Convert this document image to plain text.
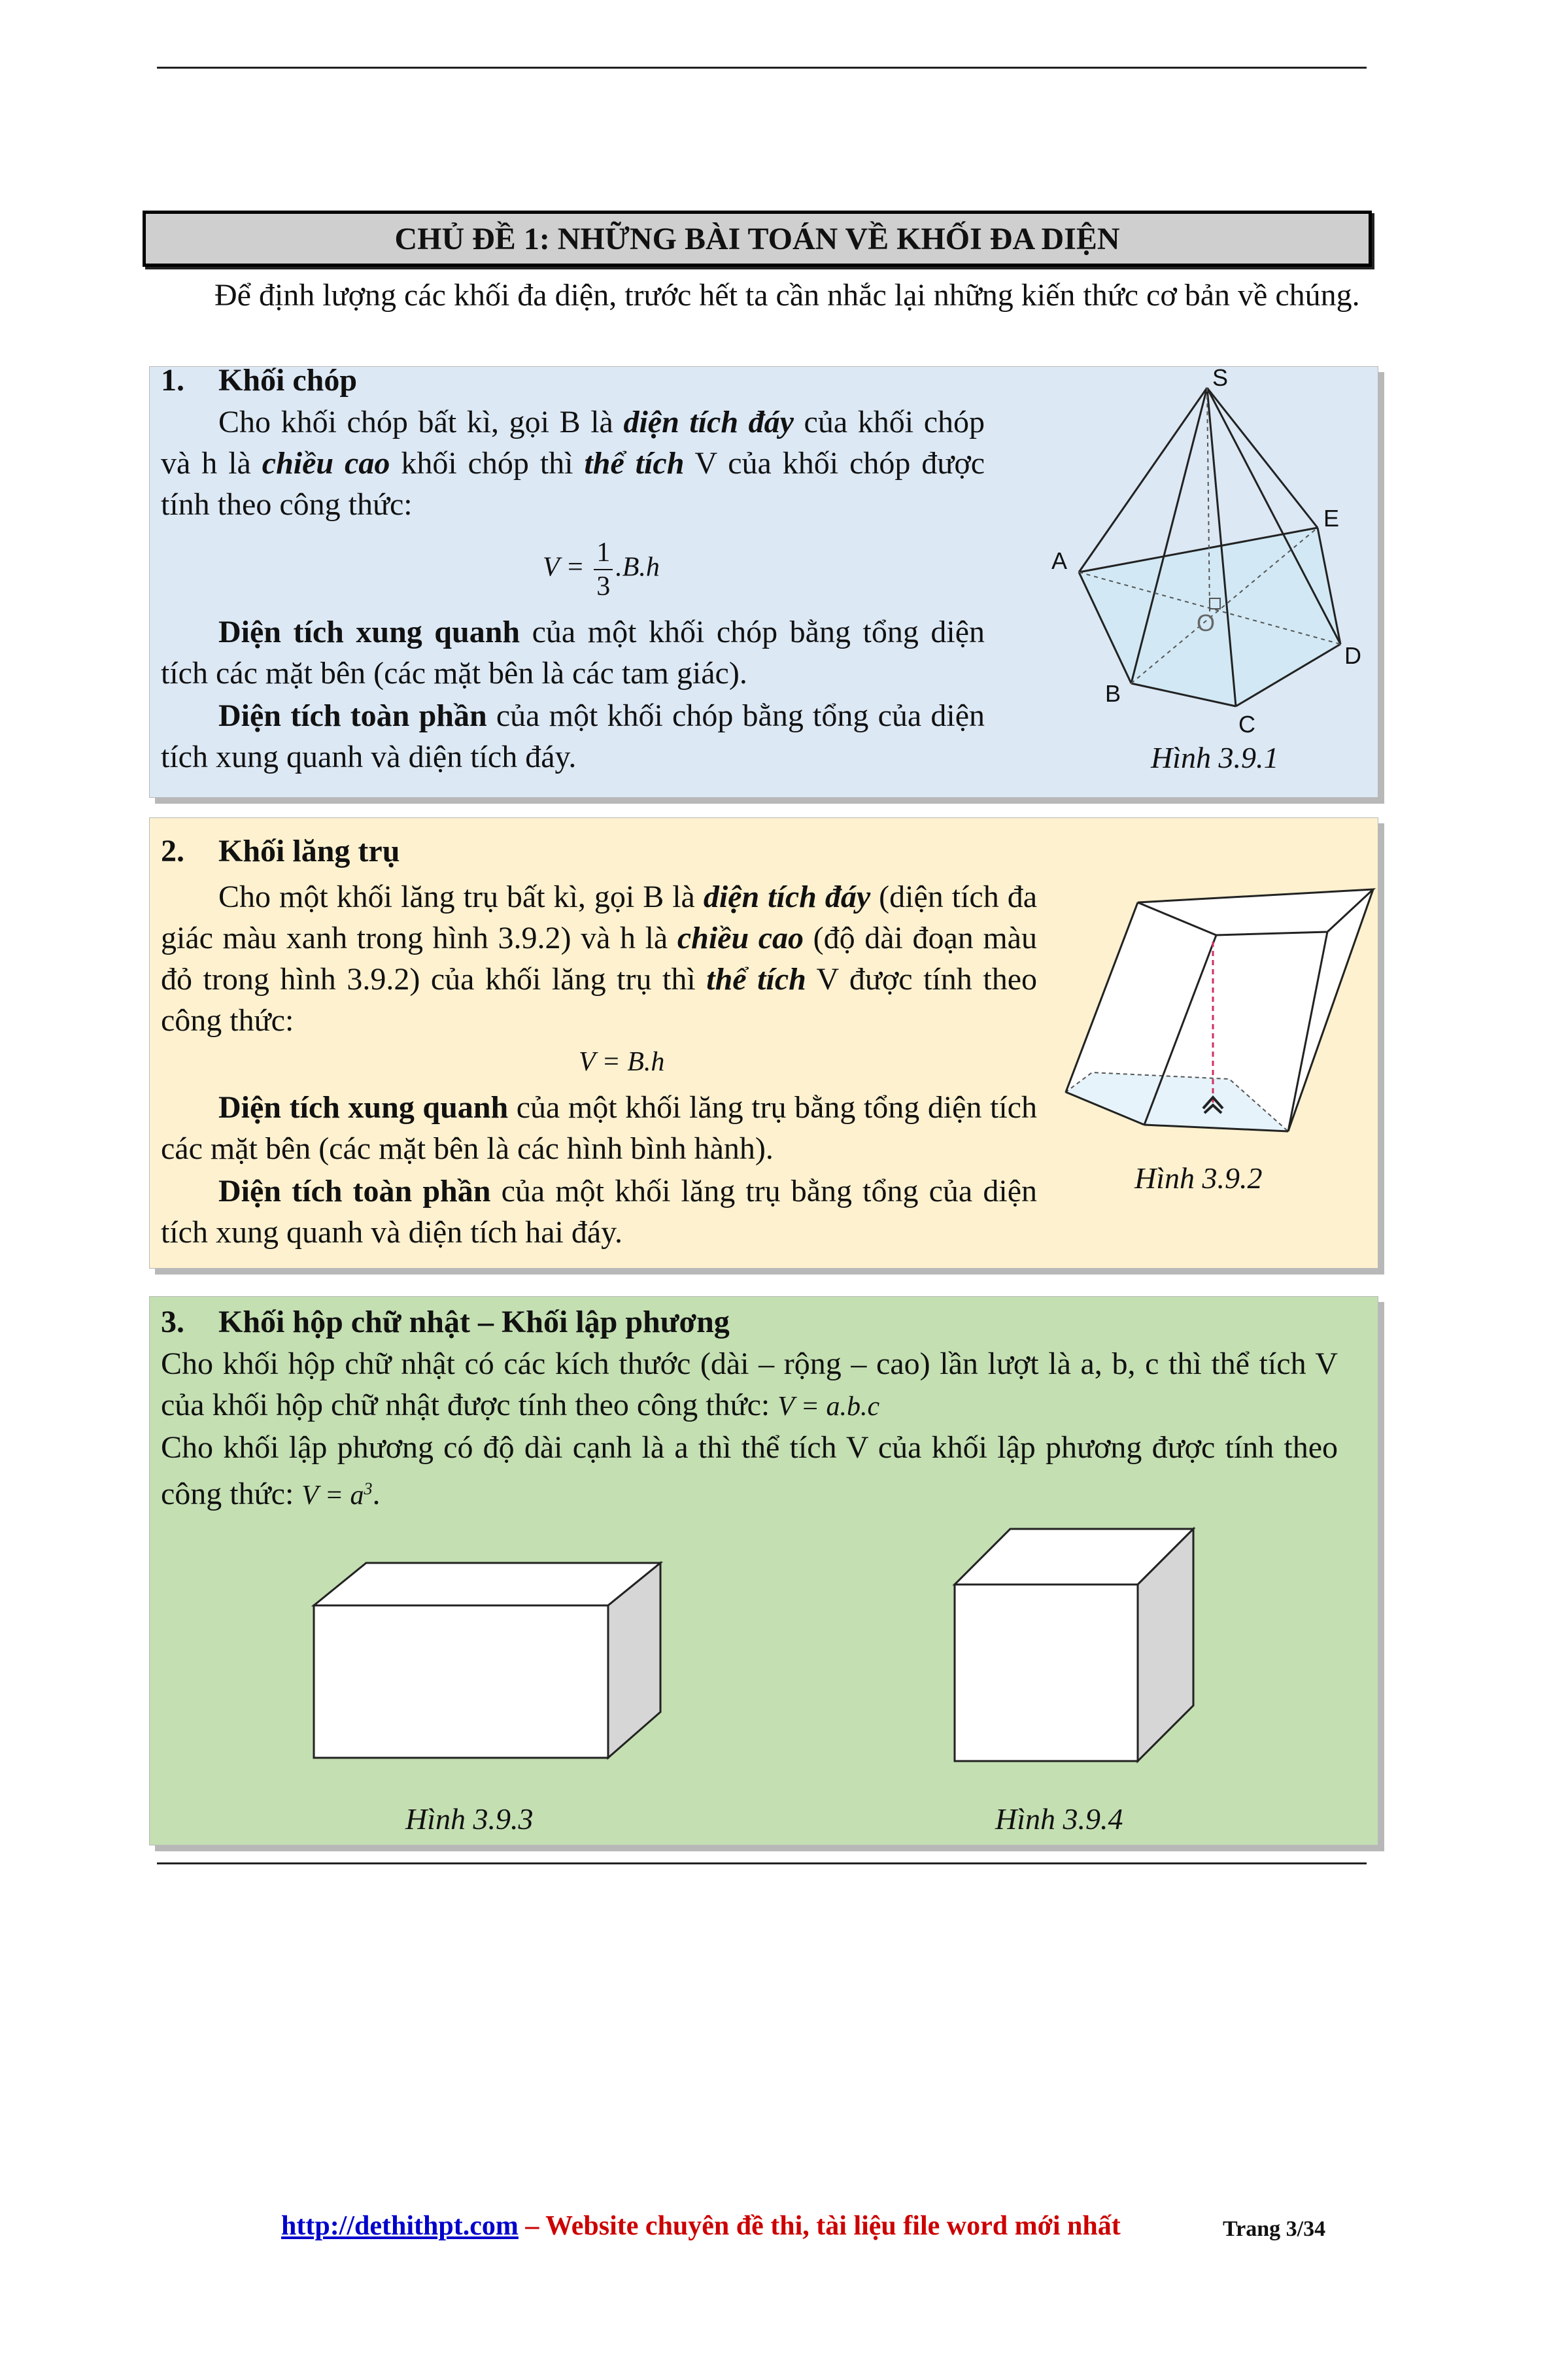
CHỦ ĐỀ 1: NHỮNG BÀI TOÁN VỀ KHỐI ĐA DIỆN
Để định lượng các khối đa diện, trước hết ta cần nhắc lại những kiến thức cơ bản về chúng.
1. Khối chóp
Cho khối chóp bất kì, gọi B là diện tích đáy của khối chóp và h là chiều cao khối chóp thì thể tích V của khối chóp được tính theo công thức:
$V = \frac{1}{3} .B.h$
Diện tích xung quanh của một khối chóp bằng tổng diện tích các mặt bên (các mặt bên là các tam giác).
Diện tích toàn phần của một khối chóp bằng tổng của diện tích xung quanh và diện tích đáy.
S
A
B
C
D
E
O
Hình 3.9.1
2. Khối lăng trụ
Cho một khối lăng trụ bất kì, gọi B là diện tích đáy (diện tích đa giác màu xanh trong hình 3.9.2) và h là chiều cao (độ dài đoạn màu đỏ trong hình 3.9.2) của khối lăng trụ thì thể tích V được tính theo công thức:
V = B.h
Diện tích xung quanh của một khối lăng trụ bằng tổng diện tích các mặt bên (các mặt bên là các hình bình hành).
Diện tích toàn phần của một khối lăng trụ bằng tổng của diện tích xung quanh và diện tích hai đáy.
Hình 3.9.2
3. Khối hộp chữ nhật – Khối lập phương
Cho khối hộp chữ nhật có các kích thước (dài – rộng – cao) lần lượt là a, b, c thì thể tích V của khối hộp chữ nhật được tính theo công thức: V = a.b.c
Cho khối lập phương có độ dài cạnh là a thì thể tích V của khối lập phương được tính theo công thức: $V = a^3$.
Hình 3.9.3	Hình 3.9.4
http://dethithpt.com – Website chuyên đề thi, tài liệu file word mới nhất	Trang 3/34
